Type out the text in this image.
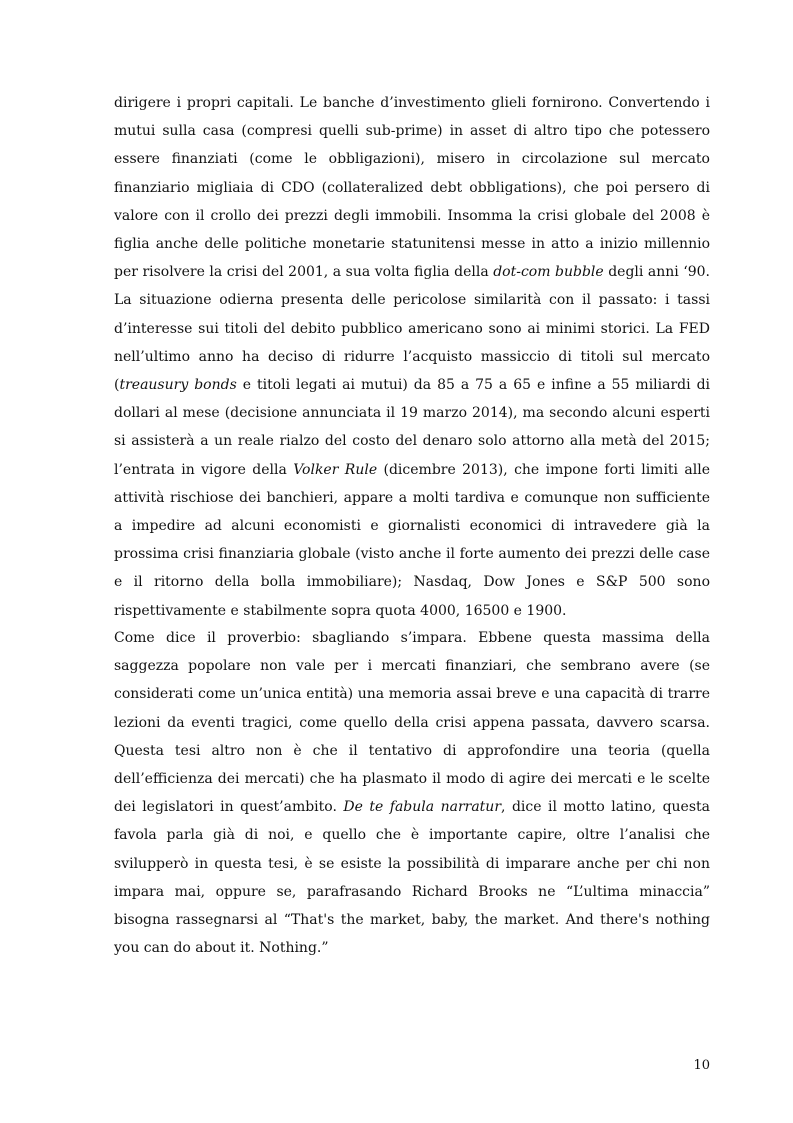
dirigere i propri capitali. Le banche d’investimento glieli fornirono. Convertendo i mutui sulla casa (compresi quelli sub-prime) in asset di altro tipo che potessero essere finanziati (come le obbligazioni), misero in circolazione sul mercato finanziario migliaia di CDO (collateralized debt obbligations), che poi persero di valore con il crollo dei prezzi degli immobili. Insomma la crisi globale del 2008 è figlia anche delle politiche monetarie statunitensi messe in atto a inizio millennio per risolvere la crisi del 2001, a sua volta figlia della dot-com bubble degli anni ‘90. La situazione odierna presenta delle pericolose similarità con il passato: i tassi d’interesse sui titoli del debito pubblico americano sono ai minimi storici. La FED nell’ultimo anno ha deciso di ridurre l’acquisto massiccio di titoli sul mercato (treausury bonds e titoli legati ai mutui) da 85 a 75 a 65 e infine a 55 miliardi di dollari al mese (decisione annunciata il 19 marzo 2014), ma secondo alcuni esperti si assisterà a un reale rialzo del costo del denaro solo attorno alla metà del 2015; l’entrata in vigore della Volker Rule (dicembre 2013), che impone forti limiti alle attività rischiose dei banchieri, appare a molti tardiva e comunque non sufficiente a impedire ad alcuni economisti e giornalisti economici di intravedere già la prossima crisi finanziaria globale (visto anche il forte aumento dei prezzi delle case e il ritorno della bolla immobiliare); Nasdaq, Dow Jones e S&P 500 sono rispettivamente e stabilmente sopra quota 4000, 16500 e 1900.

Come dice il proverbio: sbagliando s’impara. Ebbene questa massima della saggezza popolare non vale per i mercati finanziari, che sembrano avere (se considerati come un’unica entità) una memoria assai breve e una capacità di trarre lezioni da eventi tragici, come quello della crisi appena passata, davvero scarsa. Questa tesi altro non è che il tentativo di approfondire una teoria (quella dell’efficienza dei mercati) che ha plasmato il modo di agire dei mercati e le scelte dei legislatori in quest’ambito. De te fabula narratur, dice il motto latino, questa favola parla già di noi, e quello che è importante capire, oltre l’analisi che svilupperò in questa tesi, è se esiste la possibilità di imparare anche per chi non impara mai, oppure se, parafrasando Richard Brooks ne “L’ultima minaccia” bisogna rassegnarsi al “That's the market, baby, the market. And there's nothing you can do about it. Nothing.”

10
